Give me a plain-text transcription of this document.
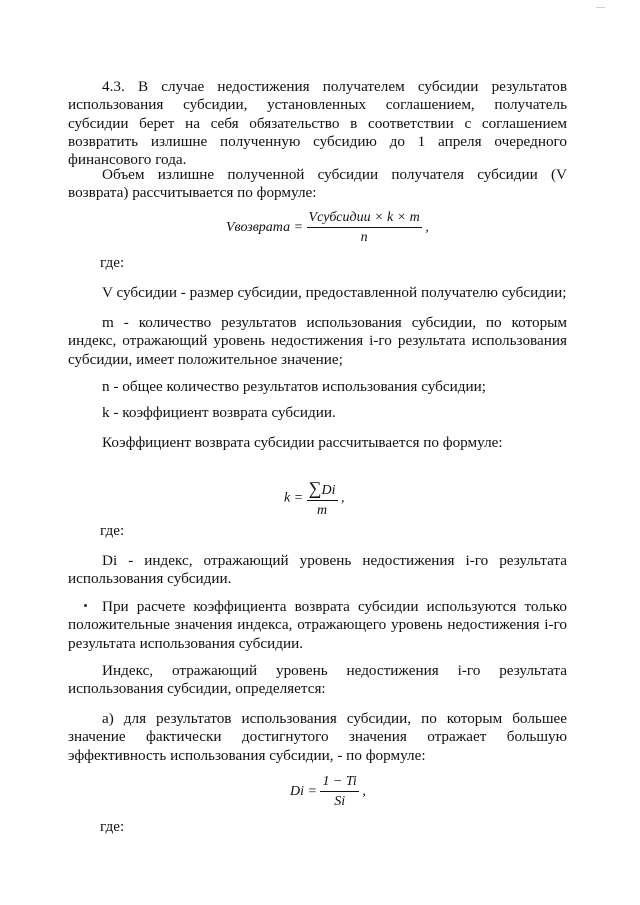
—
4.3. В случае недостижения получателем субсидии результатов использования субсидии, установленных соглашением, получатель субсидии берет на себя обязательство в соответствии с соглашением возвратить излишне полученную субсидию до 1 апреля очередного финансового года.
Объем излишне полученной субсидии получателя субсидии (V возврата) рассчитывается по формуле:
Vвозврата = $\frac{\text{Vсубсидии × k × m}}{n}$ ,
где:
V субсидии - размер субсидии, предоставленной получателю субсидии;
m - количество результатов использования субсидии, по которым индекс, отражающий уровень недостижения i-го результата использования субсидии, имеет положительное значение;
n - общее количество результатов использования субсидии;
k - коэффициент возврата субсидии.
Коэффициент возврата субсидии рассчитывается по формуле:
$k = \frac{\sum Di}{m}$ ,
где:
Di - индекс, отражающий уровень недостижения i-го результата использования субсидии.
При расчете коэффициента возврата субсидии используются только положительные значения индекса, отражающего уровень недостижения i-го результата использования субсидии.
Индекс, отражающий уровень недостижения i-го результата использования субсидии, определяется:
а) для результатов использования субсидии, по которым большее значение фактически достигнутого значения отражает большую эффективность использования субсидии, - по формуле:
$Di = \frac{1 - Ti}{Si}$ ,
где:
